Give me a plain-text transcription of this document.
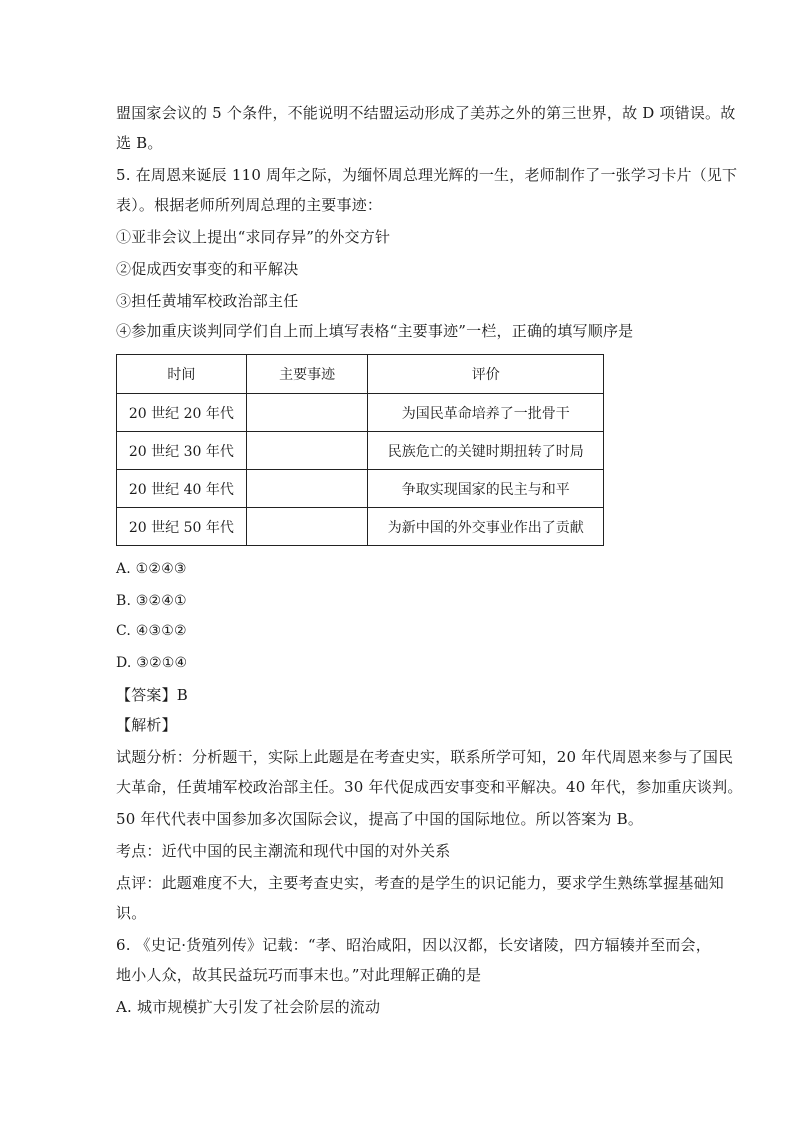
盟国家会议的 5 个条件，不能说明不结盟运动形成了美苏之外的第三世界，故 D 项错误。故
选 B。
5. 在周恩来诞辰 110 周年之际，为缅怀周总理光辉的一生，老师制作了一张学习卡片（见下
表）。根据老师所列周总理的主要事迹：
①亚非会议上提出“求同存异”的外交方针
②促成西安事变的和平解决
③担任黄埔军校政治部主任
④参加重庆谈判同学们自上而上填写表格“主要事迹”一栏，正确的填写顺序是
时间	主要事迹	评价
20 世纪 20 年代		为国民革命培养了一批骨干
20 世纪 30 年代		民族危亡的关键时期扭转了时局
20 世纪 40 年代		争取实现国家的民主与和平
20 世纪 50 年代		为新中国的外交事业作出了贡献
A. ①②④③
B. ③②④①
C. ④③①②
D. ③②①④
【答案】B
【解析】
试题分析：分析题干，实际上此题是在考查史实，联系所学可知，20 年代周恩来参与了国民
大革命，任黄埔军校政治部主任。30 年代促成西安事变和平解决。40 年代，参加重庆谈判。
50 年代代表中国参加多次国际会议，提高了中国的国际地位。所以答案为 B。
考点：近代中国的民主潮流和现代中国的对外关系
点评：此题难度不大，主要考查史实，考查的是学生的识记能力，要求学生熟练掌握基础知
识。
6. 《史记·货殖列传》记载：“孝、昭治咸阳，因以汉都，长安诸陵，四方辐辏并至而会，
地小人众，故其民益玩巧而事末也。”对此理解正确的是
A. 城市规模扩大引发了社会阶层的流动
